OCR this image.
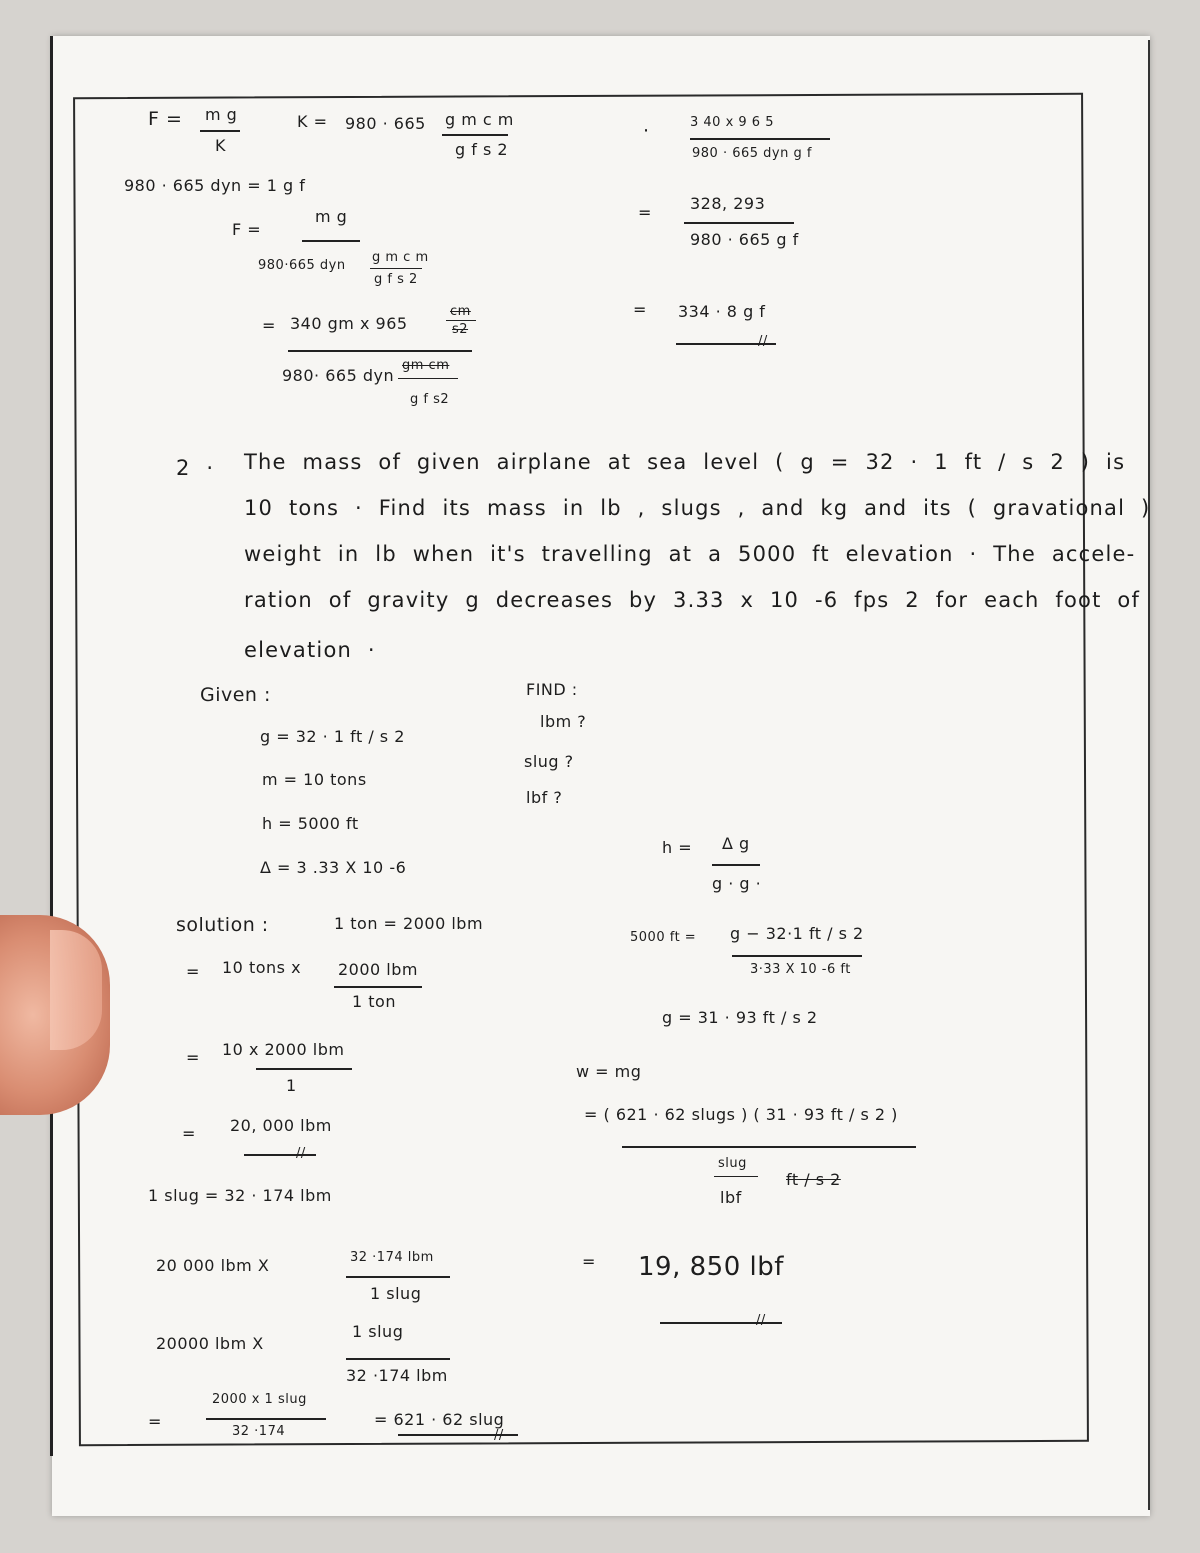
F = m g
K
K = 980 · 665 g m c m
g f s 2
980 · 665 dyn = 1 g f
F =
m g
980·665 dyn
g m c m
g f s 2
= 340 gm x 965
cm
s2
980· 665 dyn
gm cm
g f s2
·	3 40 x 9 6 5
980 · 665 dyn g f
= 328, 293
980 · 665 g f
= 334 · 8 g f
//
2 · The mass of given airplane at sea level ( g = 32 · 1 ft / s 2 ) is
10 tons · Find its mass in lb , slugs , and kg and its ( gravational )
weight in lb when it's travelling at a 5000 ft elevation · The accele-
ration of gravity g decreases by 3.33 x 10 -6 fps 2 for each foot of
elevation ·
Given :
g = 32 · 1 ft / s 2
m = 10 tons
h = 5000 ft
Δ = 3 .33 X 10 -6
FIND :
lbm ?
slug ?
lbf ?
h = Δ g
g · g ·
5000 ft = g − 32·1 ft / s 2
3·33 X 10 -6 ft
g = 31 · 93 ft / s 2
w = mg
= ( 621 · 62 slugs ) ( 31 · 93 ft / s 2 )
slug
lbf
ft / s 2
= 19, 850 lbf
//
solution :	1 ton = 2000 lbm
= 10 tons x 2000 lbm
1 ton
= 10 x 2000 lbm
1
= 20, 000 lbm
//
1 slug = 32 · 174 lbm
20 000 lbm X	32 ·174 lbm
1 slug
20000 lbm X
1 slug
32 ·174 lbm
=
2000 x 1 slug
32 ·174
= 621 · 62 slug
//
